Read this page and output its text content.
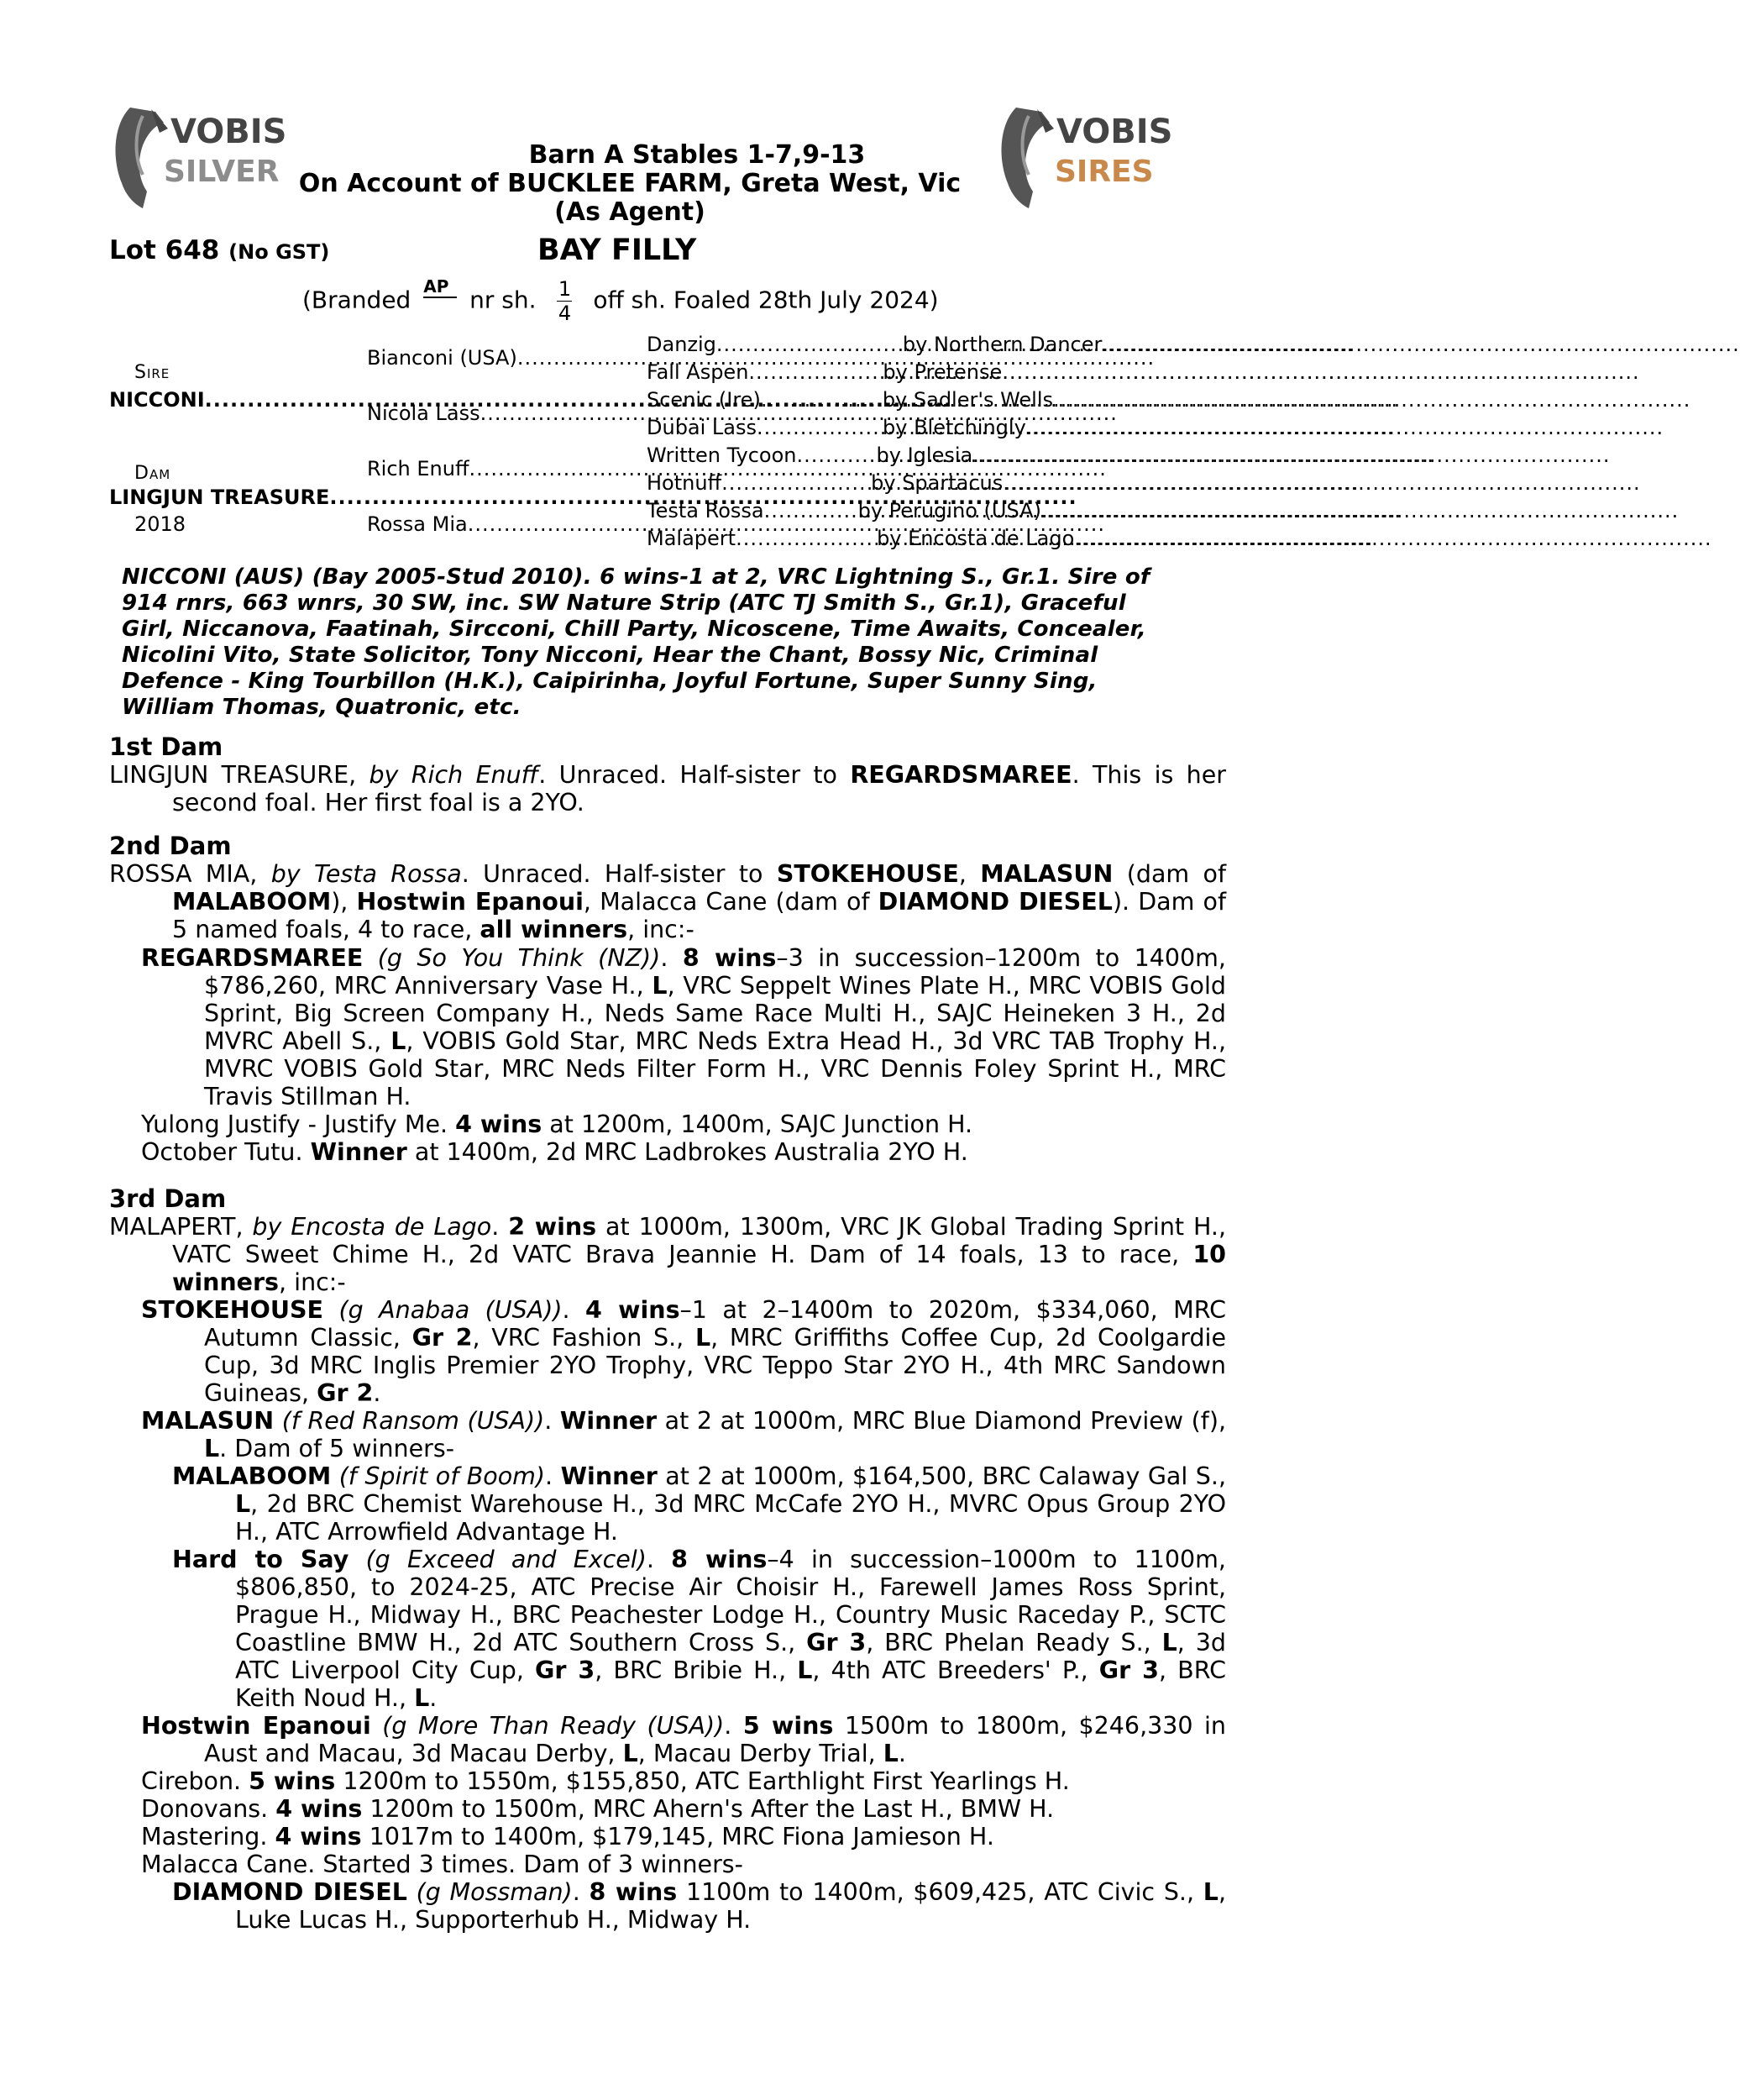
VOBIS
SILVER
VOBIS
SIRES
Barn A Stables 1-7,9-13
On Account of BUCKLEE FARM, Greta West, Vic
(As Agent)
Lot 648 (No GST)	BAY FILLY
(Branded AP nr sh. $\frac{1}{4}$ off sh. Foaled 28th July 2024)
Sire
NICCONI.....
Dam
LINGJUN TREASURE.....
2018
Bianconi (USA).....
Nicola Lass.....
Rich Enuff.....
Rossa Mia.....
Danzig .....	by Northern Dancer.....
Fall Aspen .....	by Pretense.....
Scenic (Ire) .....	by Sadler's Wells.....
Dubai Lass .....	by Bletchingly.....
Written Tycoon .....	by Iglesia.....
Hotnuff .....	by Spartacus.....
Testa Rossa .....	by Perugino (USA).....
Malapert .....	by Encosta de Lago.....
NICCONI (AUS) (Bay 2005-Stud 2010). 6 wins-1 at 2, VRC Lightning S., Gr.1. Sire of 914 rnrs, 663 wnrs, 30 SW, inc. SW Nature Strip (ATC TJ Smith S., Gr.1), Graceful Girl, Niccanova, Faatinah, Sircconi, Chill Party, Nicoscene, Time Awaits, Concealer, Nicolini Vito, State Solicitor, Tony Nicconi, Hear the Chant, Bossy Nic, Criminal Defence - King Tourbillon (H.K.), Caipirinha, Joyful Fortune, Super Sunny Sing, William Thomas, Quatronic, etc.
1st Dam
LINGJUN TREASURE, by Rich Enuff. Unraced. Half-sister to REGARDSMAREE. This is her second foal. Her first foal is a 2YO.
2nd Dam
ROSSA MIA, by Testa Rossa. Unraced. Half-sister to STOKEHOUSE, MALASUN (dam of MALABOOM), Hostwin Epanoui, Malacca Cane (dam of DIAMOND DIESEL). Dam of 5 named foals, 4 to race, all winners, inc:-
REGARDSMAREE (g So You Think (NZ)). 8 wins–3 in succession–1200m to 1400m, $786,260, MRC Anniversary Vase H., L, VRC Seppelt Wines Plate H., MRC VOBIS Gold Sprint, Big Screen Company H., Neds Same Race Multi H., SAJC Heineken 3 H., 2d MVRC Abell S., L, VOBIS Gold Star, MRC Neds Extra Head H., 3d VRC TAB Trophy H., MVRC VOBIS Gold Star, MRC Neds Filter Form H., VRC Dennis Foley Sprint H., MRC Travis Stillman H.
Yulong Justify - Justify Me. 4 wins at 1200m, 1400m, SAJC Junction H.
October Tutu. Winner at 1400m, 2d MRC Ladbrokes Australia 2YO H.
3rd Dam
MALAPERT, by Encosta de Lago. 2 wins at 1000m, 1300m, VRC JK Global Trading Sprint H., VATC Sweet Chime H., 2d VATC Brava Jeannie H. Dam of 14 foals, 13 to race, 10 winners, inc:-
STOKEHOUSE (g Anabaa (USA)). 4 wins–1 at 2–1400m to 2020m, $334,060, MRC Autumn Classic, Gr 2, VRC Fashion S., L, MRC Griffiths Coffee Cup, 2d Coolgardie Cup, 3d MRC Inglis Premier 2YO Trophy, VRC Teppo Star 2YO H., 4th MRC Sandown Guineas, Gr 2.
MALASUN (f Red Ransom (USA)). Winner at 2 at 1000m, MRC Blue Diamond Preview (f), L. Dam of 5 winners-
MALABOOM (f Spirit of Boom). Winner at 2 at 1000m, $164,500, BRC Calaway Gal S., L, 2d BRC Chemist Warehouse H., 3d MRC McCafe 2YO H., MVRC Opus Group 2YO H., ATC Arrowfield Advantage H.
Hard to Say (g Exceed and Excel). 8 wins–4 in succession–1000m to 1100m, $806,850, to 2024-25, ATC Precise Air Choisir H., Farewell James Ross Sprint, Prague H., Midway H., BRC Peachester Lodge H., Country Music Raceday P., SCTC Coastline BMW H., 2d ATC Southern Cross S., Gr 3, BRC Phelan Ready S., L, 3d ATC Liverpool City Cup, Gr 3, BRC Bribie H., L, 4th ATC Breeders' P., Gr 3, BRC Keith Noud H., L.
Hostwin Epanoui (g More Than Ready (USA)). 5 wins 1500m to 1800m, $246,330 in Aust and Macau, 3d Macau Derby, L, Macau Derby Trial, L.
Cirebon. 5 wins 1200m to 1550m, $155,850, ATC Earthlight First Yearlings H.
Donovans. 4 wins 1200m to 1500m, MRC Ahern's After the Last H., BMW H.
Mastering. 4 wins 1017m to 1400m, $179,145, MRC Fiona Jamieson H.
Malacca Cane. Started 3 times. Dam of 3 winners-
DIAMOND DIESEL (g Mossman). 8 wins 1100m to 1400m, $609,425, ATC Civic S., L, Luke Lucas H., Supporterhub H., Midway H.
